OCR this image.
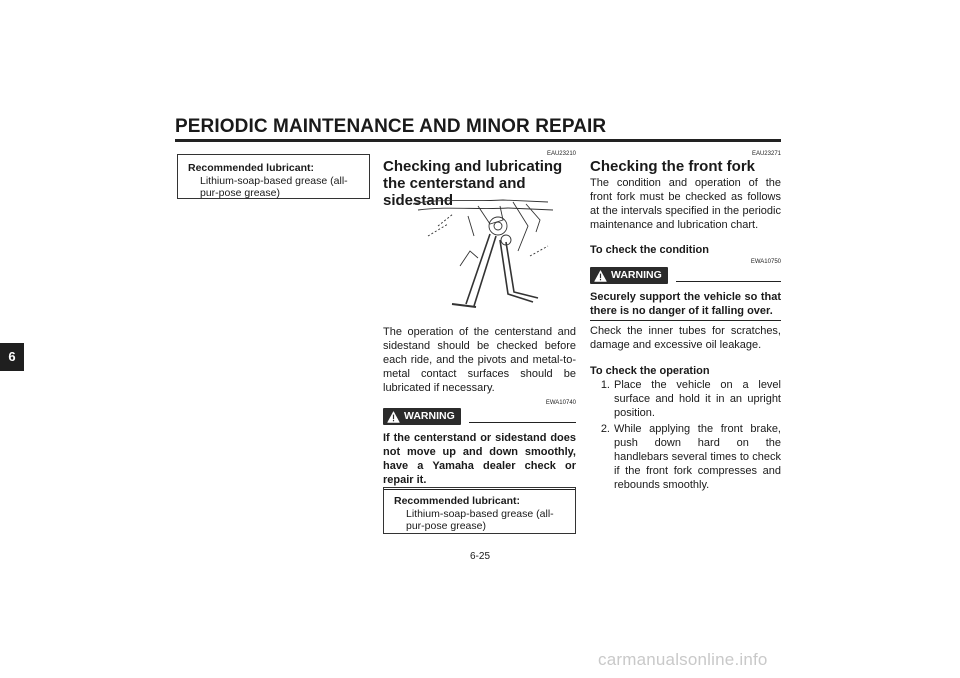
PERIODIC MAINTENANCE AND MINOR REPAIR
6
Recommended lubricant:
Lithium-soap-based grease (all-pur-pose grease)
EAU23210
Checking and lubricating the centerstand and sidestand
The operation of the centerstand and sidestand should be checked before each ride, and the pivots and metal-to-metal contact surfaces should be lubricated if necessary.
EWA10740
WARNING
If the centerstand or sidestand does not move up and down smoothly, have a Yamaha dealer check or repair it.
Recommended lubricant:
Lithium-soap-based grease (all-pur-pose grease)
EAU23271
Checking the front fork
The condition and operation of the front fork must be checked as follows at the intervals specified in the periodic maintenance and lubrication chart.
To check the condition
EWA10750
WARNING
Securely support the vehicle so that there is no danger of it falling over.
Check the inner tubes for scratches, damage and excessive oil leakage.
To check the operation
1. Place the vehicle on a level surface and hold it in an upright position.
2. While applying the front brake, push down hard on the handlebars several times to check if the front fork compresses and rebounds smoothly.
6-25
carmanualsonline.info
